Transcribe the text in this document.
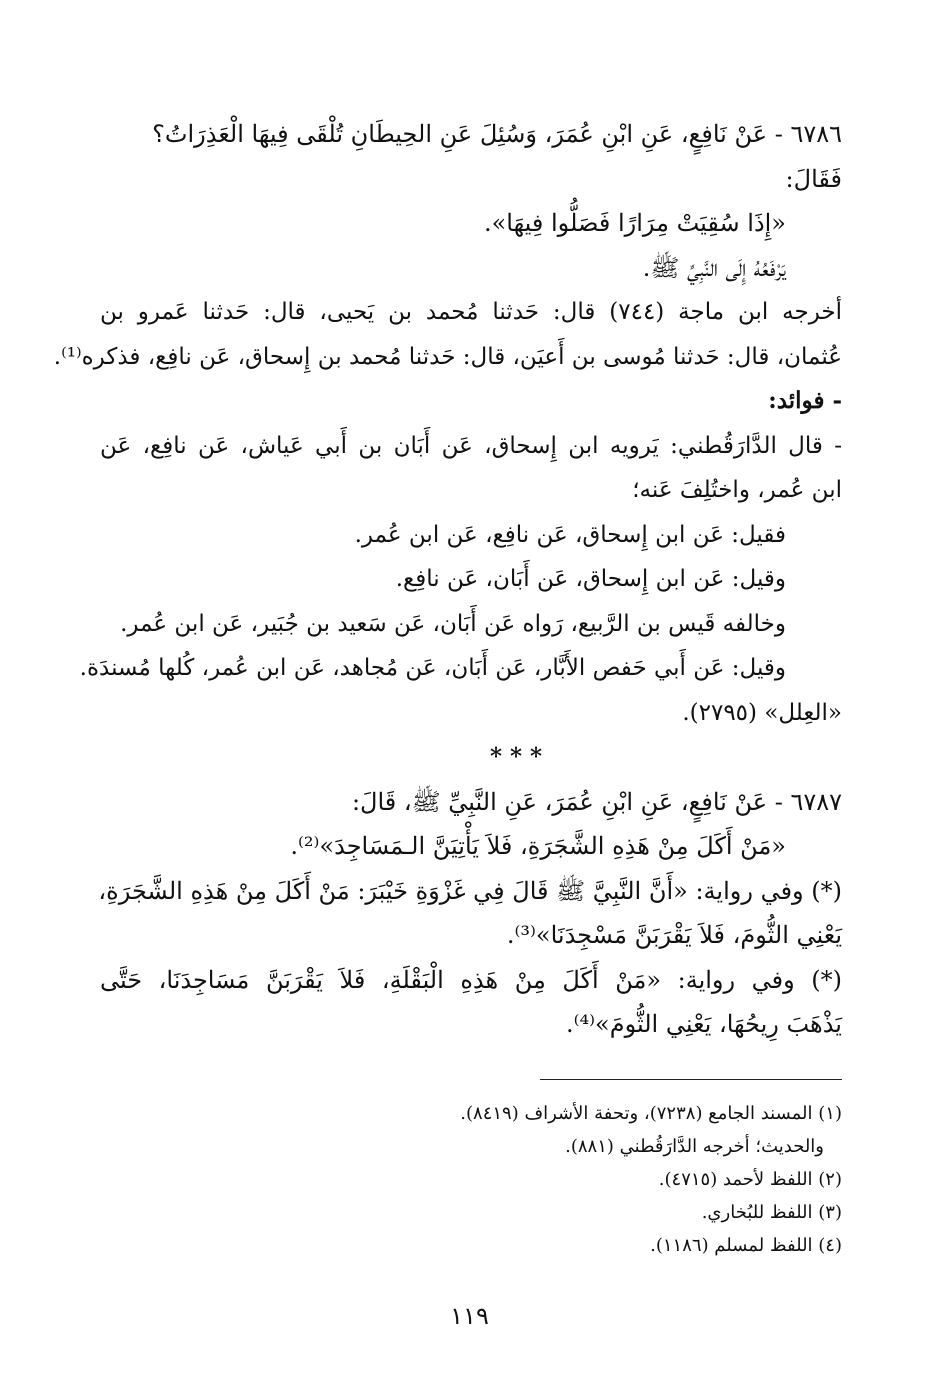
٦٧٨٦ - عَنْ نَافِعٍ، عَنِ ابْنِ عُمَرَ، وَسُئِلَ عَنِ الحِيطَانِ تُلْقَى فِيهَا الْعَذِرَاتُ؟
فَقَالَ:
«إِذَا سُقِيَتْ مِرَارًا فَصَلُّوا فِيهَا».
يَرْفَعُهُ إِلَى النَّبِيِّ ﷺ.
أخرجه ابن ماجة (٧٤٤) قال: حَدثنا مُحمد بن يَحيى، قال: حَدثنا عَمرو بن
عُثمان، قال: حَدثنا مُوسى بن أَعيَن، قال: حَدثنا مُحمد بن إِسحاق، عَن نافِع، فذكره⁽¹⁾.
- فوائد:
- قال الدَّارَقُطني: يَرويه ابن إِسحاق، عَن أَبَان بن أَبي عَياش، عَن نافِع، عَن
ابن عُمر، واختُلِفَ عَنه؛
فقيل: عَن ابن إِسحاق، عَن نافِع، عَن ابن عُمر.
وقيل: عَن ابن إِسحاق، عَن أَبَان، عَن نافِع.
وخالفه قَيس بن الرَّبيع، رَواه عَن أَبَان، عَن سَعيد بن جُبَير، عَن ابن عُمر.
وقيل: عَن أَبي حَفص الأَبَّار، عَن أَبَان، عَن مُجاهد، عَن ابن عُمر، كُلها مُسندَة.
«العِلل» (٢٧٩٥).
* * *
٦٧٨٧ - عَنْ نَافِعٍ، عَنِ ابْنِ عُمَرَ، عَنِ النَّبِيِّ ﷺ، قَالَ:
«مَنْ أَكَلَ مِنْ هَذِهِ الشَّجَرَةِ، فَلاَ يَأْتِيَنَّ الـمَسَاجِدَ»⁽²⁾.
(*) وفي رواية: «أَنَّ النَّبِيَّ ﷺ قَالَ فِي غَزْوَةِ خَيْبَرَ: مَنْ أَكَلَ مِنْ هَذِهِ الشَّجَرَةِ،
يَعْنِي الثُّومَ، فَلاَ يَقْرَبَنَّ مَسْجِدَنَا»⁽³⁾.
(*) وفي رواية: «مَنْ أَكَلَ مِنْ هَذِهِ الْبَقْلَةِ، فَلاَ يَقْرَبَنَّ مَسَاجِدَنَا، حَتَّى
يَذْهَبَ رِيحُهَا، يَعْنِي الثُّومَ»⁽⁴⁾.
(١) المسند الجامع (٧٢٣٨)، وتحفة الأشراف (٨٤١٩).
والحديث؛ أخرجه الدَّارَقُطني (٨٨١).
(٢) اللفظ لأحمد (٤٧١٥).
(٣) اللفظ للبُخاري.
(٤) اللفظ لمسلم (١١٨٦).
١١٩
